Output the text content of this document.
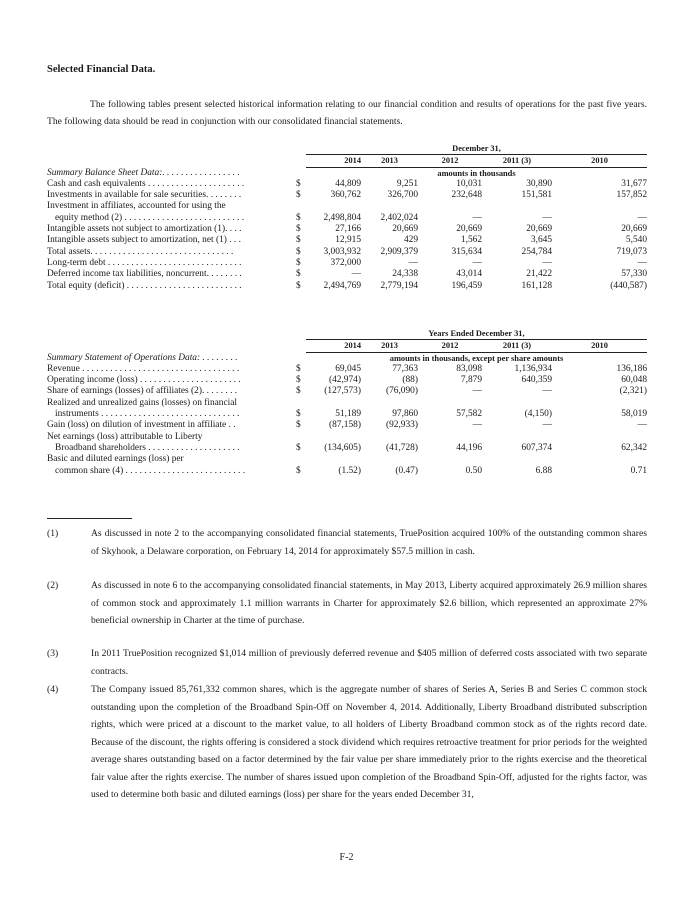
Selected Financial Data.
The following tables present selected historical information relating to our financial condition and results of operations for the past five years. The following data should be read in conjunction with our consolidated financial statements.
		December 31,				
		2014	2013	2012	2011 (3)	2010
Summary Balance Sheet Data:. . . . . . . . . . . . . . . . .		amounts in thousands				
Cash and cash equivalents . . . . . . . . . . . . . . . . . . . . .	$	44,809	9,251	10,031	30,890	31,677
Investments in available for sale securities. . . . . . . .	$	360,762	326,700	232,648	151,581	157,852
Investment in affiliates, accounted for using the						
equity method (2) . . . . . . . . . . . . . . . . . . . . . . . . . .	$	2,498,804	2,402,024	—	—	—
Intangible assets not subject to amortization (1). . . .	$	27,166	20,669	20,669	20,669	20,669
Intangible assets subject to amortization, net (1) . . .	$	12,915	429	1,562	3,645	5,540
Total assets. . . . . . . . . . . . . . . . . . . . . . . . . . . . . . .	$	3,003,932	2,909,379	315,634	254,784	719,073
Long-term debt . . . . . . . . . . . . . . . . . . . . . . . . . . . . .	$	372,000	—	—	—	—
Deferred income tax liabilities, noncurrent. . . . . . . .	$	—	24,338	43,014	21,422	57,330
Total equity (deficit) . . . . . . . . . . . . . . . . . . . . . . . . .	$	2,494,769	2,779,194	196,459	161,128	(440,587)
		Years Ended December 31,				
		2014	2013	2012	2011 (3)	2010
Summary Statement of Operations Data: . . . . . . . .		amounts in thousands, except per share amounts				
Revenue . . . . . . . . . . . . . . . . . . . . . . . . . . . . . . . . . .	$	69,045	77,363	83,098	1,136,934	136,186
Operating income (loss) . . . . . . . . . . . . . . . . . . . . . .	$	(42,974)	(88)	7,879	640,359	60,048
Share of earnings (losses) of affiliates (2). . . . . . . .	$	(127,573)	(76,090)	—	—	(2,321)
Realized and unrealized gains (losses) on financial						
instruments . . . . . . . . . . . . . . . . . . . . . . . . . . . . . .	$	51,189	97,860	57,582	(4,150)	58,019
Gain (loss) on dilution of investment in affiliate . .	$	(87,158)	(92,933)	—	—	—
Net earnings (loss) attributable to Liberty						
Broadband shareholders . . . . . . . . . . . . . . . . . . . .	$	(134,605)	(41,728)	44,196	607,374	62,342
Basic and diluted earnings (loss) per						
common share (4) . . . . . . . . . . . . . . . . . . . . . . . . . .	$	(1.52)	(0.47)	0.50	6.88	0.71
(1)	As discussed in note 2 to the accompanying consolidated financial statements, TruePosition acquired 100% of the outstanding common shares of Skyhook, a Delaware corporation, on February 14, 2014 for approximately $57.5 million in cash.
(2)	As discussed in note 6 to the accompanying consolidated financial statements, in May 2013, Liberty acquired approximately 26.9 million shares of common stock and approximately 1.1 million warrants in Charter for approximately $2.6 billion, which represented an approximate 27% beneficial ownership in Charter at the time of purchase.
(3)	In 2011 TruePosition recognized $1,014 million of previously deferred revenue and $405 million of deferred costs associated with two separate contracts.
(4)	The Company issued 85,761,332 common shares, which is the aggregate number of shares of Series A, Series B and Series C common stock outstanding upon the completion of the Broadband Spin-Off on November 4, 2014. Additionally, Liberty Broadband distributed subscription rights, which were priced at a discount to the market value, to all holders of Liberty Broadband common stock as of the rights record date. Because of the discount, the rights offering is considered a stock dividend which requires retroactive treatment for prior periods for the weighted average shares outstanding based on a factor determined by the fair value per share immediately prior to the rights exercise and the theoretical fair value after the rights exercise. The number of shares issued upon completion of the Broadband Spin-Off, adjusted for the rights factor, was used to determine both basic and diluted earnings (loss) per share for the years ended December 31,
F-2
